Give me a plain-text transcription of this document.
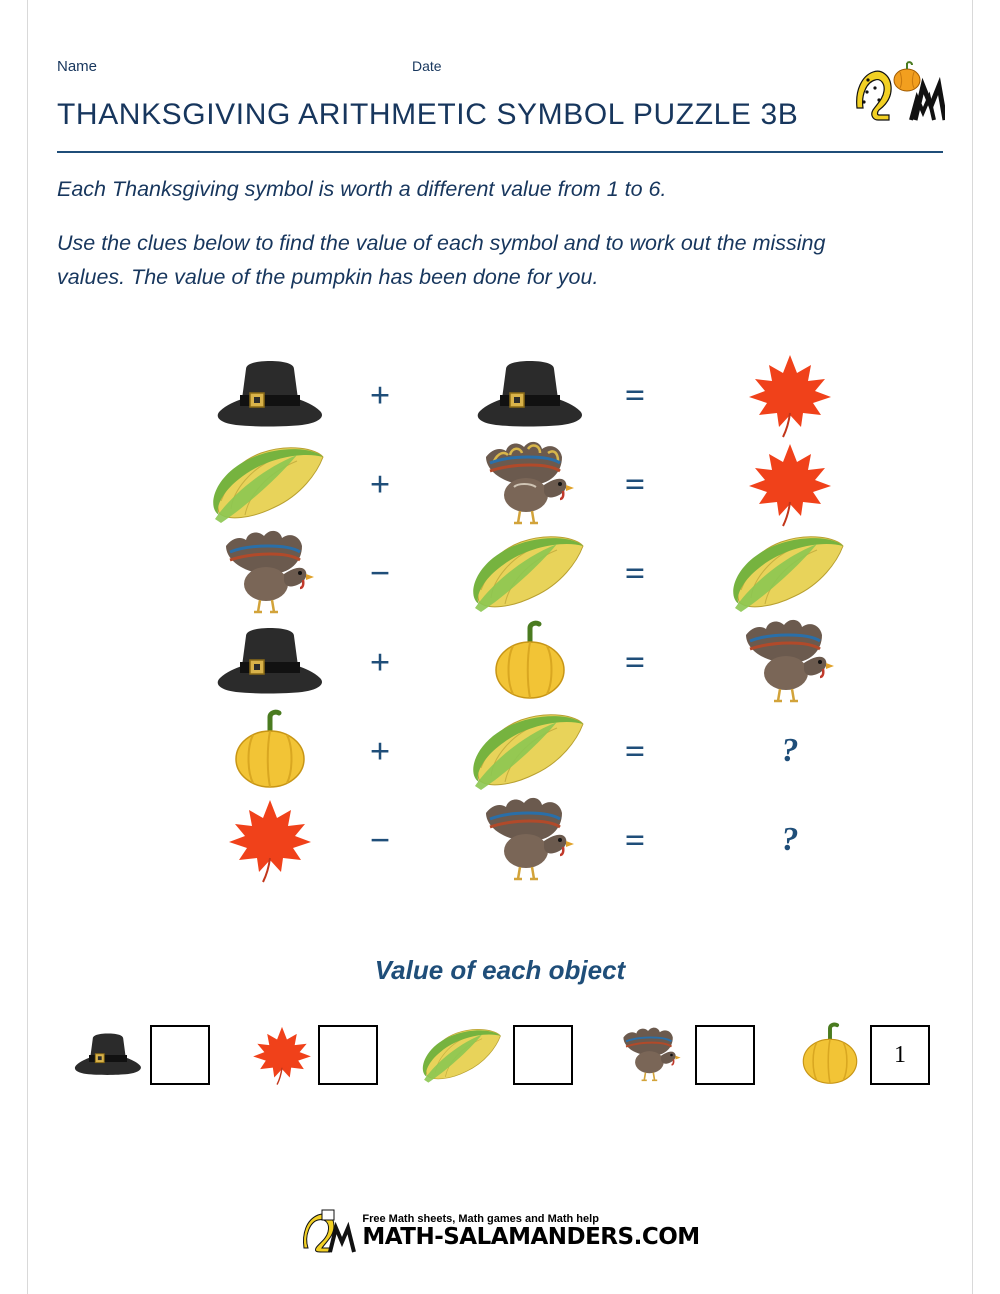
Name	Date
THANKSGIVING ARITHMETIC SYMBOL PUZZLE 3B
Each Thanksgiving symbol is worth a different value from 1 to 6.
Use the clues below to find the value of each symbol and to work out the missing values. The value of the pumpkin has been done for you.
+	=
+	=
−	=
+	=
+	=	?
−	=	?
Value of each object
1
Free Math sheets, Math games and Math help
MATH-SALAMANDERS.COM
